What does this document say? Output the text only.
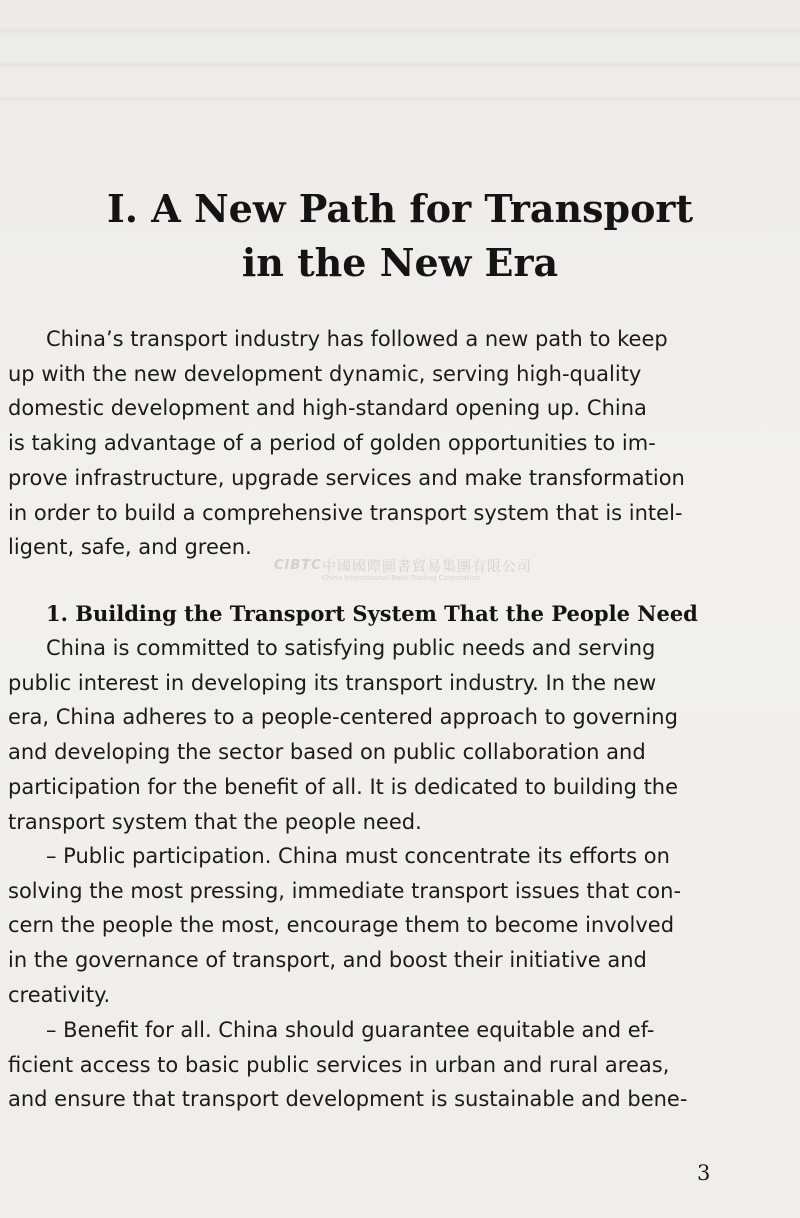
I. A New Path for Transport
in the New Era

China’s transport industry has followed a new path to keep
up with the new development dynamic, serving high-quality
domestic development and high-standard opening up. China
is taking advantage of a period of golden opportunities to im-
prove infrastructure, upgrade services and make transformation
in order to build a comprehensive transport system that is intel-
ligent, safe, and green.

CIBTC 中國國際圖書貿易集團有限公司
China International Book Trading Corporation
1. Building the Transport System That the People Need

China is committed to satisfying public needs and serving
public interest in developing its transport industry. In the new
era, China adheres to a people-centered approach to governing
and developing the sector based on public collaboration and
participation for the benefit of all. It is dedicated to building the
transport system that the people need.

– Public participation. China must concentrate its efforts on
solving the most pressing, immediate transport issues that con-
cern the people the most, encourage them to become involved
in the governance of transport, and boost their initiative and
creativity.

– Benefit for all. China should guarantee equitable and ef-
ficient access to basic public services in urban and rural areas,
and ensure that transport development is sustainable and bene-

3
